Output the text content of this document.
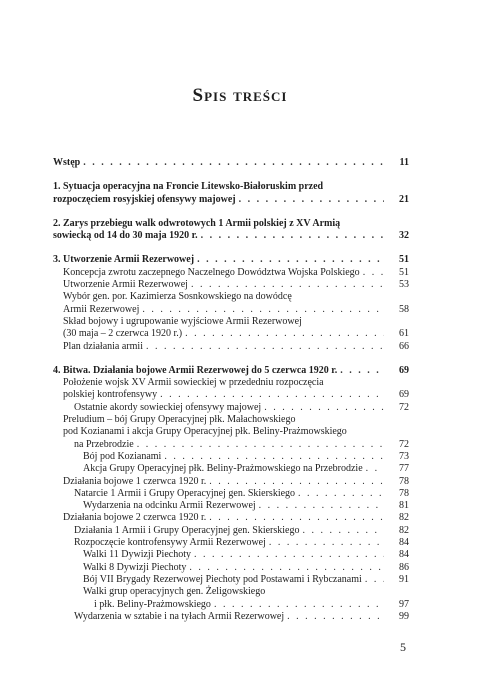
Spis treści
Wstęp . . .	11
1. Sytuacja operacyjna na Froncie Litewsko-Białoruskim przed
rozpoczęciem rosyjskiej ofensywy majowej . . .	21
2. Zarys przebiegu walk odwrotowych 1 Armii polskiej z XV Armią
sowiecką od 14 do 30 maja 1920 r. . . .	32
3. Utworzenie Armii Rezerwowej . . .	51
Koncepcja zwrotu zaczepnego Naczelnego Dowództwa Wojska Polskiego . . .	51
Utworzenie Armii Rezerwowej . . .	53
Wybór gen. por. Kazimierza Sosnkowskiego na dowódcę
Armii Rezerwowej . . .	58
Skład bojowy i ugrupowanie wyjściowe Armii Rezerwowej
(30 maja – 2 czerwca 1920 r.) . . .	61
Plan działania armii . . .	66
4. Bitwa. Działania bojowe Armii Rezerwowej do 5 czerwca 1920 r. . . .	69
Położenie wojsk XV Armii sowieckiej w przededniu rozpoczęcia
polskiej kontrofensywy . . .	69
Ostatnie akordy sowieckiej ofensywy majowej . . .	72
Preludium – bój Grupy Operacyjnej płk. Małachowskiego
pod Kozianami i akcja Grupy Operacyjnej płk. Beliny-Prażmowskiego
na Przebrodzie . . .	72
Bój pod Kozianami . . .	73
Akcja Grupy Operacyjnej płk. Beliny-Prażmowskiego na Przebrodzie . . .	77
Działania bojowe 1 czerwca 1920 r. . . .	78
Natarcie 1 Armii i Grupy Operacyjnej gen. Skierskiego . . .	78
Wydarzenia na odcinku Armii Rezerwowej . . .	81
Działania bojowe 2 czerwca 1920 r. . . .	82
Działania 1 Armii i Grupy Operacyjnej gen. Skierskiego . . .	82
Rozpoczęcie kontrofensywy Armii Rezerwowej . . .	84
Walki 11 Dywizji Piechoty . . .	84
Walki 8 Dywizji Piechoty . . .	86
Bój VII Brygady Rezerwowej Piechoty pod Postawami i Rybczanami . . .	91
Walki grup operacyjnych gen. Żeligowskiego
i płk. Beliny-Prażmowskiego . . .	97
Wydarzenia w sztabie i na tyłach Armii Rezerwowej . . .	99
5
